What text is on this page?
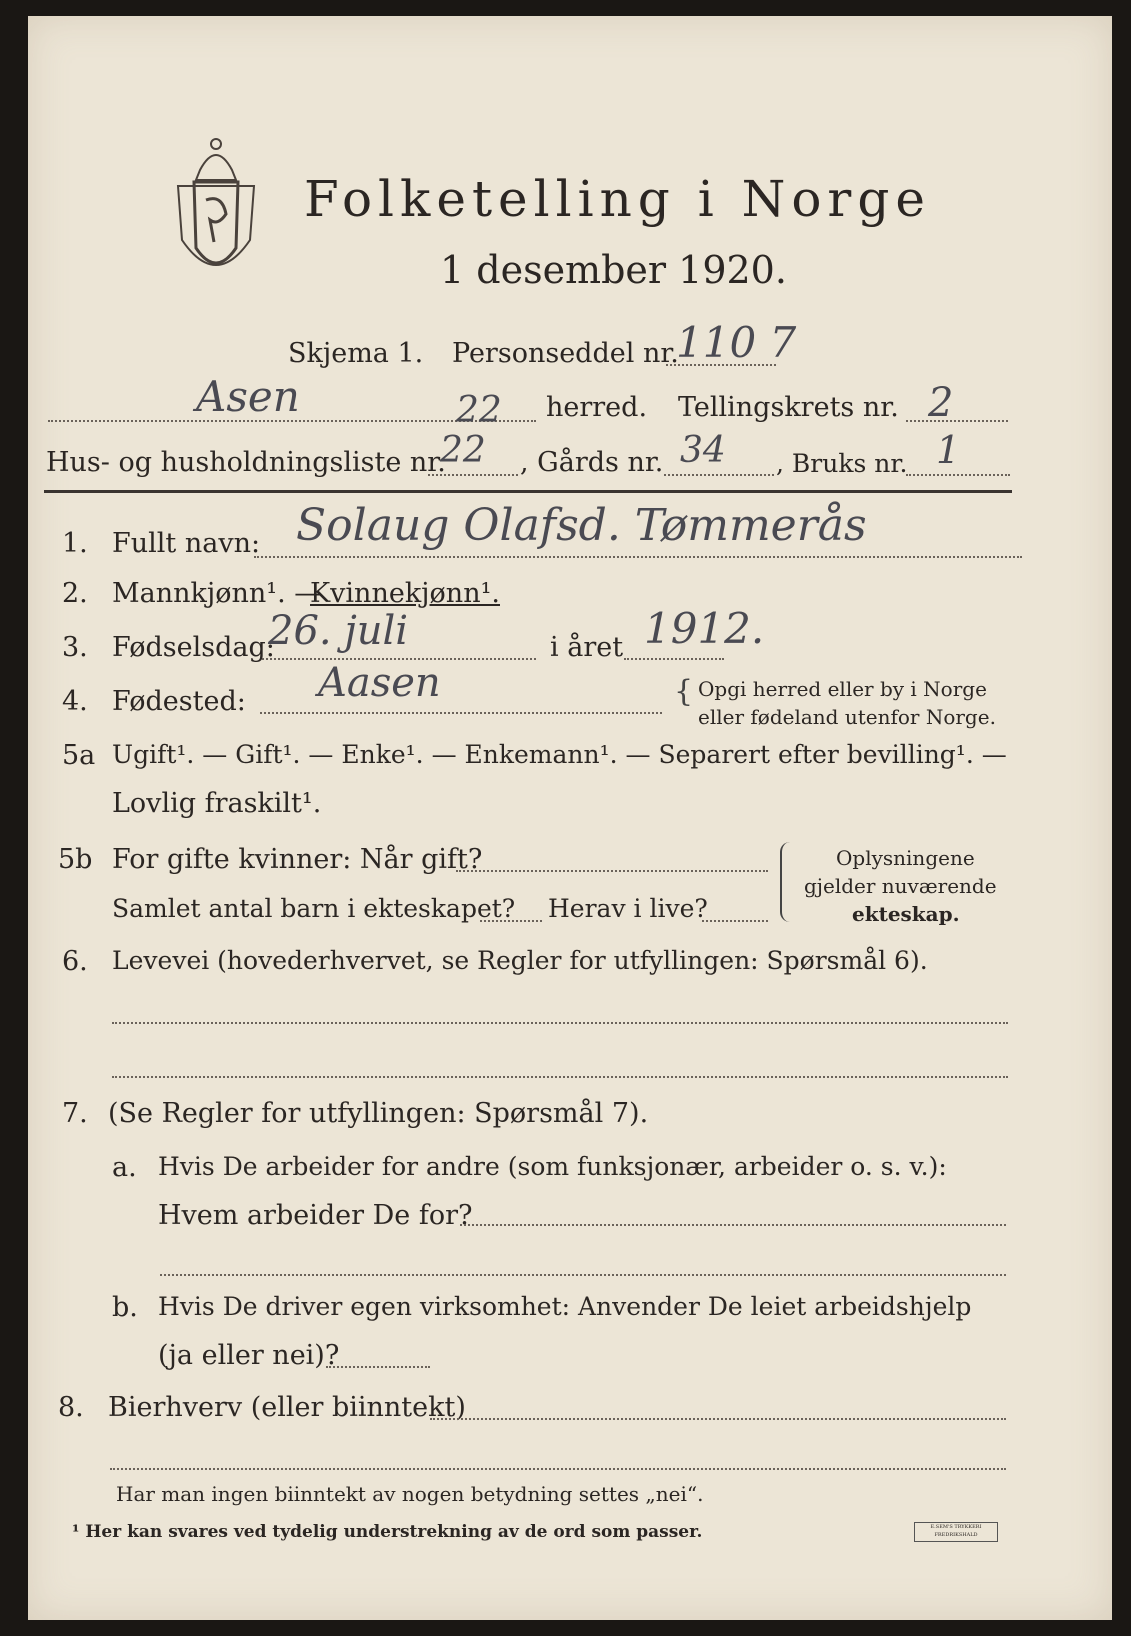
Folketelling i Norge
1 desember 1920.
Skjema 1. Personseddel nr.
110 7
Asen	22 herred. Tellingskrets nr. 2
Hus- og husholdningsliste nr.
22 , Gårds nr. 34 , Bruks nr. 1
1. Fullt navn: Solaug Olafsd. Tømmerås
2. Mannkjønn¹. —
Kvinnekjønn¹.
3. Fødselsdag:
26. juli	i året 1912.
4. Fødested: Aasen	{ Opgi herred eller by i Norge
eller fødeland utenfor Norge.
5a Ugift¹. — Gift¹. — Enke¹. — Enkemann¹. — Separert efter bevilling¹. —
Lovlig fraskilt¹.
5b For gifte kvinner: Når gift?
Samlet antal barn i ekteskapet? Herav i live?
Oplysningene
gjelder nuværende
ekteskap.
6. Levevei (hovederhvervet, se Regler for utfyllingen: Spørsmål 6).
7. (Se Regler for utfyllingen: Spørsmål 7).
a. Hvis De arbeider for andre (som funksjonær, arbeider o. s. v.):
Hvem arbeider De for?
b. Hvis De driver egen virksomhet: Anvender De leiet arbeidshjelp
(ja eller nei)?
8. Bierhverv (eller biinntekt)
Har man ingen biinntekt av nogen betydning settes „nei“.
¹ Her kan svares ved tydelig understrekning av de ord som passer.	E.SEM'S TRYKKERI FREDRIKSHALD
